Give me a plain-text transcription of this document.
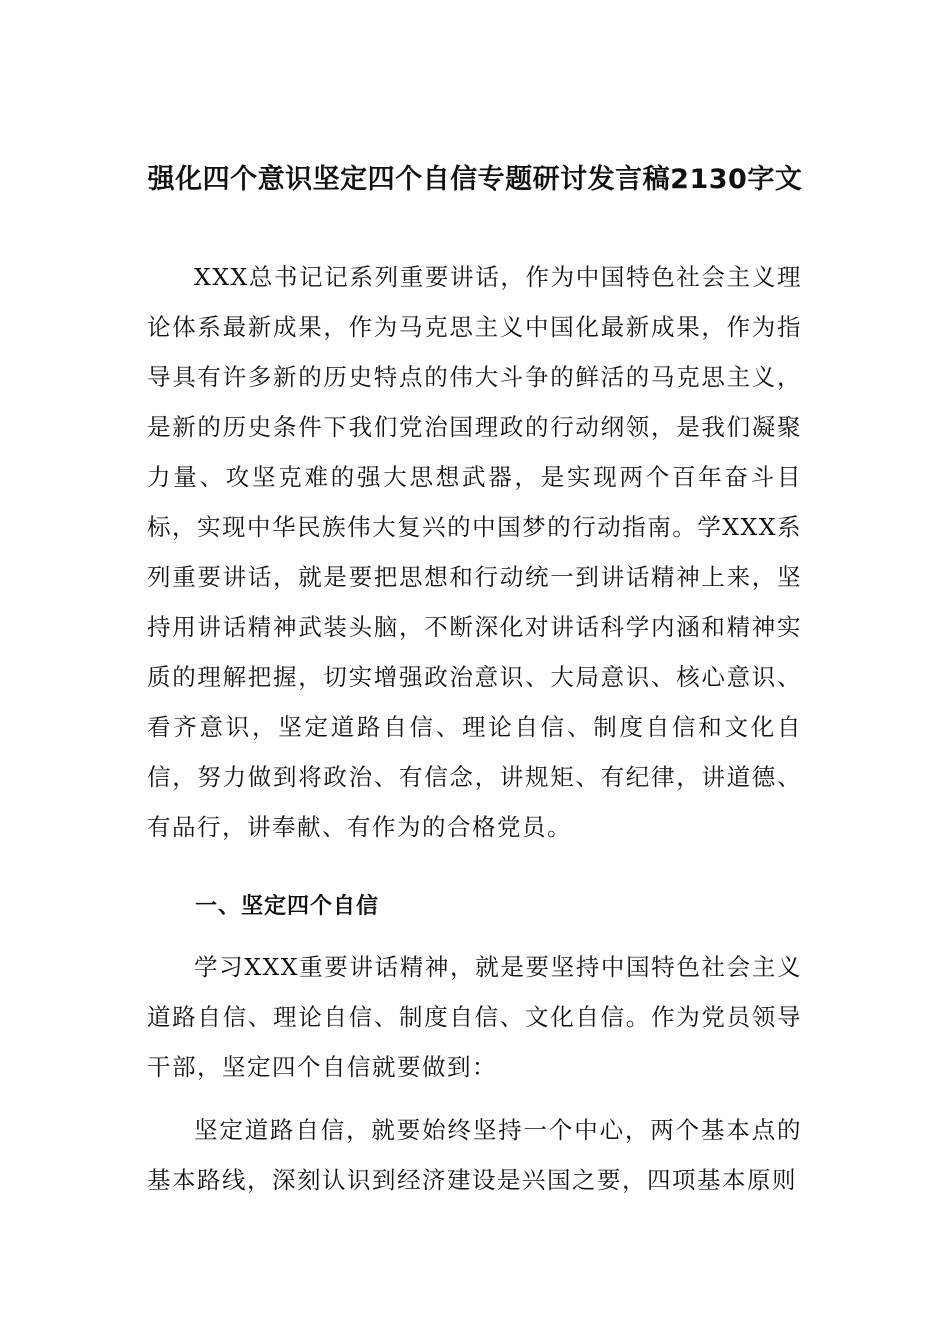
强化四个意识坚定四个自信专题研讨发言稿2130字文

XXX总书记记系列重要讲话，作为中国特色社会主义理论体系最新成果，作为马克思主义中国化最新成果，作为指导具有许多新的历史特点的伟大斗争的鲜活的马克思主义，是新的历史条件下我们党治国理政的行动纲领，是我们凝聚力量、攻坚克难的强大思想武器，是实现两个百年奋斗目标，实现中华民族伟大复兴的中国梦的行动指南。学XXX系列重要讲话，就是要把思想和行动统一到讲话精神上来，坚持用讲话精神武装头脑，不断深化对讲话科学内涵和精神实质的理解把握，切实增强政治意识、大局意识、核心意识、看齐意识，坚定道路自信、理论自信、制度自信和文化自信，努力做到将政治、有信念，讲规矩、有纪律，讲道德、有品行，讲奉献、有作为的合格党员。

一、坚定四个自信

学习XXX重要讲话精神，就是要坚持中国特色社会主义道路自信、理论自信、制度自信、文化自信。作为党员领导干部，坚定四个自信就要做到：

坚定道路自信，就要始终坚持一个中心，两个基本点的基本路线，深刻认识到经济建设是兴国之要，四项基本原则
